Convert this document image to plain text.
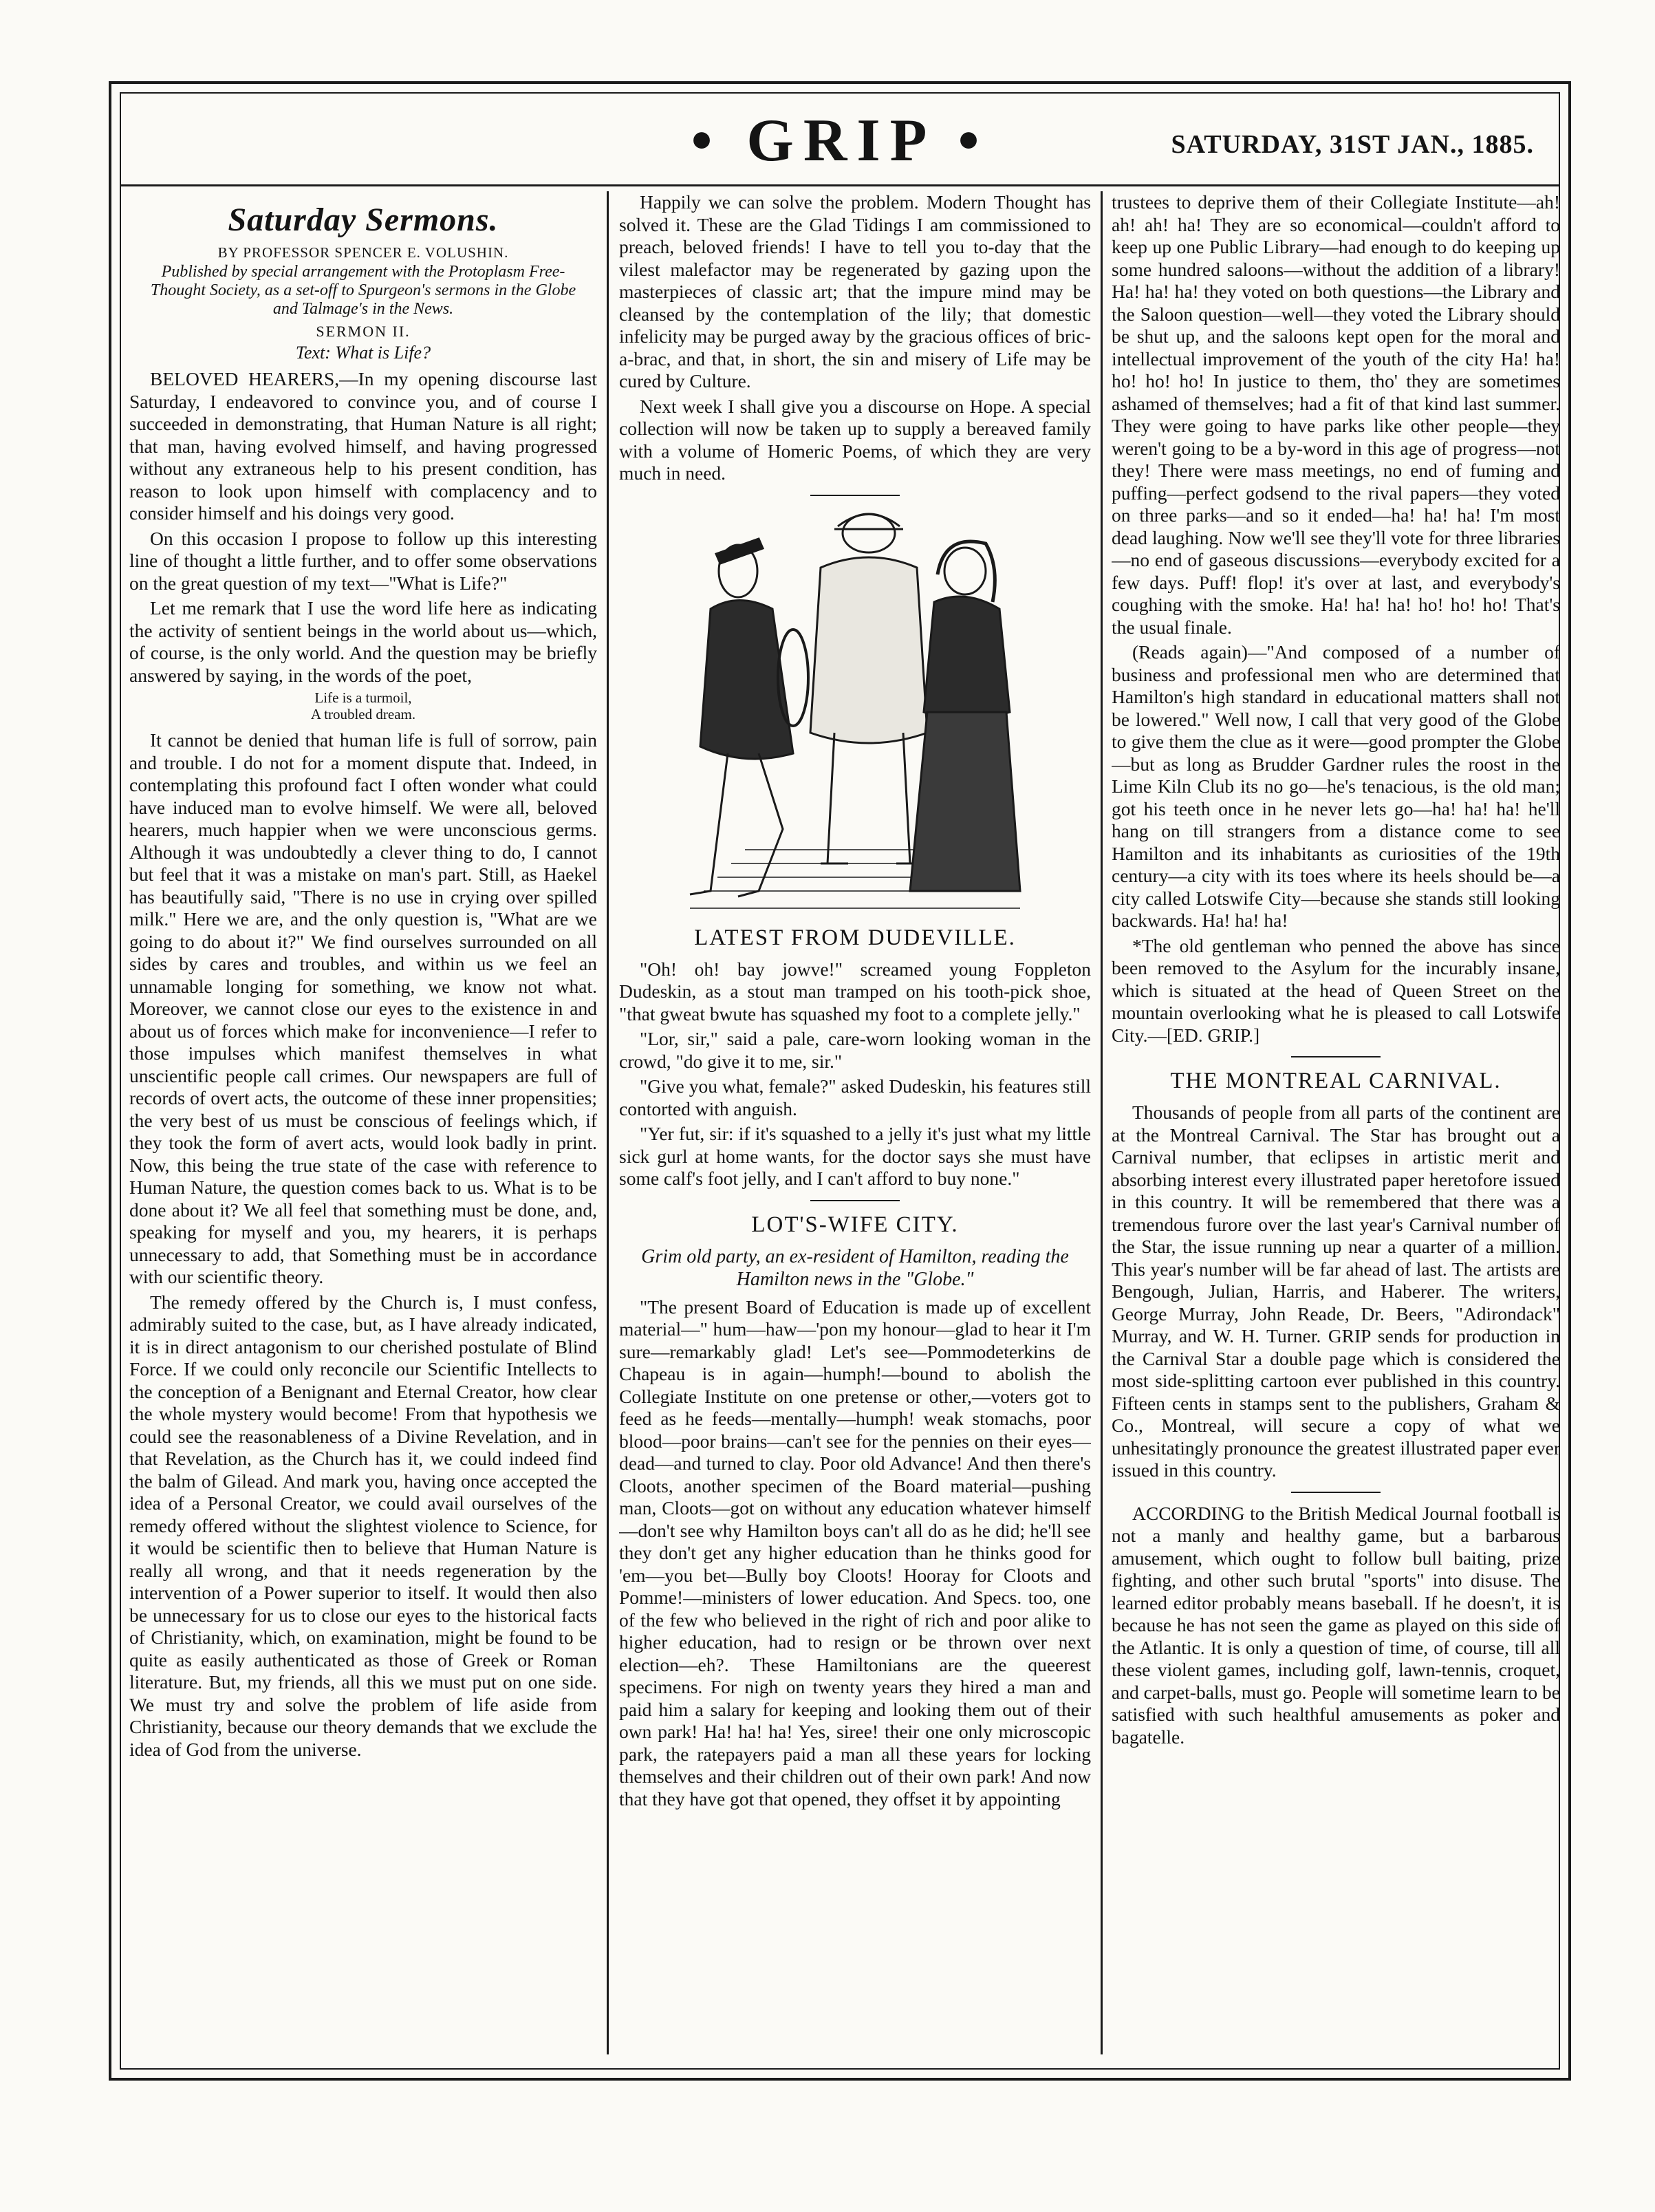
• GRIP •	SATURDAY, 31ST JAN., 1885.
Saturday Sermons.
BY PROFESSOR SPENCER E. VOLUSHIN.
Published by special arrangement with the Protoplasm Free-Thought Society, as a set-off to Spurgeon's sermons in the Globe and Talmage's in the News.
SERMON II.
Text: What is Life?

BELOVED HEARERS,—In my opening discourse last Saturday, I endeavored to convince you, and of course I succeeded in demonstrating, that Human Nature is all right; that man, having evolved himself, and having progressed without any extraneous help to his present condition, has reason to look upon himself with complacency and to consider himself and his doings very good.

On this occasion I propose to follow up this interesting line of thought a little further, and to offer some observations on the great question of my text—"What is Life?"

Let me remark that I use the word life here as indicating the activity of sentient beings in the world about us—which, of course, is the only world. And the question may be briefly answered by saying, in the words of the poet,

Life is a turmoil,
A troubled dream.

It cannot be denied that human life is full of sorrow, pain and trouble. I do not for a moment dispute that. Indeed, in contemplating this profound fact I often wonder what could have induced man to evolve himself. We were all, beloved hearers, much happier when we were unconscious germs. Although it was undoubtedly a clever thing to do, I cannot but feel that it was a mistake on man's part. Still, as Haekel has beautifully said, "There is no use in crying over spilled milk." Here we are, and the only question is, "What are we going to do about it?" We find ourselves surrounded on all sides by cares and troubles, and within us we feel an unnamable longing for something, we know not what. Moreover, we cannot close our eyes to the existence in and about us of forces which make for inconvenience—I refer to those impulses which manifest themselves in what unscientific people call crimes. Our newspapers are full of records of overt acts, the outcome of these inner propensities; the very best of us must be conscious of feelings which, if they took the form of avert acts, would look badly in print. Now, this being the true state of the case with reference to Human Nature, the question comes back to us. What is to be done about it? We all feel that something must be done, and, speaking for myself and you, my hearers, it is perhaps unnecessary to add, that Something must be in accordance with our scientific theory.

The remedy offered by the Church is, I must confess, admirably suited to the case, but, as I have already indicated, it is in direct antagonism to our cherished postulate of Blind Force. If we could only reconcile our Scientific Intellects to the conception of a Benignant and Eternal Creator, how clear the whole mystery would become! From that hypothesis we could see the reasonableness of a Divine Revelation, and in that Revelation, as the Church has it, we could indeed find the balm of Gilead. And mark you, having once accepted the idea of a Personal Creator, we could avail ourselves of the remedy offered without the slightest violence to Science, for it would be scientific then to believe that Human Nature is really all wrong, and that it needs regeneration by the intervention of a Power superior to itself. It would then also be unnecessary for us to close our eyes to the historical facts of Christianity, which, on examination, might be found to be quite as easily authenticated as those of Greek or Roman literature. But, my friends, all this we must put on one side. We must try and solve the problem of life aside from Christianity, because our theory demands that we exclude the idea of God from the universe.

Happily we can solve the problem. Modern Thought has solved it. These are the Glad Tidings I am commissioned to preach, beloved friends! I have to tell you to-day that the vilest malefactor may be regenerated by gazing upon the masterpieces of classic art; that the impure mind may be cleansed by the contemplation of the lily; that domestic infelicity may be purged away by the gracious offices of bric-a-brac, and that, in short, the sin and misery of Life may be cured by Culture.

Next week I shall give you a discourse on Hope. A special collection will now be taken up to supply a bereaved family with a volume of Homeric Poems, of which they are very much in need.

LATEST FROM DUDEVILLE.

"Oh! oh! bay jowve!" screamed young Foppleton Dudeskin, as a stout man tramped on his tooth-pick shoe, "that gweat bwute has squashed my foot to a complete jelly."

"Lor, sir," said a pale, care-worn looking woman in the crowd, "do give it to me, sir."

"Give you what, female?" asked Dudeskin, his features still contorted with anguish.

"Yer fut, sir: if it's squashed to a jelly it's just what my little sick gurl at home wants, for the doctor says she must have some calf's foot jelly, and I can't afford to buy none."

LOT'S-WIFE CITY.
Grim old party, an ex-resident of Hamilton, reading the Hamilton news in the "Globe."

"The present Board of Education is made up of excellent material—" hum—haw—'pon my honour—glad to hear it I'm sure—remarkably glad! Let's see—Pommodeterkins de Chapeau is in again—humph!—bound to abolish the Collegiate Institute on one pretense or other,—voters got to feed as he feeds—mentally—humph! weak stomachs, poor blood—poor brains—can't see for the pennies on their eyes—dead—and turned to clay. Poor old Advance! And then there's Cloots, another specimen of the Board material—pushing man, Cloots—got on without any education whatever himself—don't see why Hamilton boys can't all do as he did; he'll see they don't get any higher education than he thinks good for 'em—you bet—Bully boy Cloots! Hooray for Cloots and Pomme!—ministers of lower education. And Specs. too, one of the few who believed in the right of rich and poor alike to higher education, had to resign or be thrown over next election—eh?. These Hamiltonians are the queerest specimens. For nigh on twenty years they hired a man and paid him a salary for keeping and looking them out of their own park! Ha! ha! ha! Yes, siree! their one only microscopic park, the ratepayers paid a man all these years for locking themselves and their children out of their own park! And now that they have got that opened, they offset it by appointing

trustees to deprive them of their Collegiate Institute—ah! ah! ah! ha! They are so economical—couldn't afford to keep up one Public Library—had enough to do keeping up some hundred saloons—without the addition of a library! Ha! ha! ha! they voted on both questions—the Library and the Saloon question—well—they voted the Library should be shut up, and the saloons kept open for the moral and intellectual improvement of the youth of the city Ha! ha! ho! ho! ho! In justice to them, tho' they are sometimes ashamed of themselves; had a fit of that kind last summer. They were going to have parks like other people—they weren't going to be a by-word in this age of progress—not they! There were mass meetings, no end of fuming and puffing—perfect godsend to the rival papers—they voted on three parks—and so it ended—ha! ha! ha! I'm most dead laughing. Now we'll see they'll vote for three libraries—no end of gaseous discussions—everybody excited for a few days. Puff! flop! it's over at last, and everybody's coughing with the smoke. Ha! ha! ha! ho! ho! ho! That's the usual finale.

(Reads again)—"And composed of a number of business and professional men who are determined that Hamilton's high standard in educational matters shall not be lowered." Well now, I call that very good of the Globe to give them the clue as it were—good prompter the Globe—but as long as Brudder Gardner rules the roost in the Lime Kiln Club its no go—he's tenacious, is the old man; got his teeth once in he never lets go—ha! ha! ha! he'll hang on till strangers from a distance come to see Hamilton and its inhabitants as curiosities of the 19th century—a city with its toes where its heels should be—a city called Lotswife City—because she stands still looking backwards. Ha! ha! ha!

*The old gentleman who penned the above has since been removed to the Asylum for the incurably insane, which is situated at the head of Queen Street on the mountain overlooking what he is pleased to call Lotswife City.—[ED. GRIP.]

THE MONTREAL CARNIVAL.

Thousands of people from all parts of the continent are at the Montreal Carnival. The Star has brought out a Carnival number, that eclipses in artistic merit and absorbing interest every illustrated paper heretofore issued in this country. It will be remembered that there was a tremendous furore over the last year's Carnival number of the Star, the issue running up near a quarter of a million. This year's number will be far ahead of last. The artists are Bengough, Julian, Harris, and Haberer. The writers, George Murray, John Reade, Dr. Beers, "Adirondack" Murray, and W. H. Turner. GRIP sends for production in the Carnival Star a double page which is considered the most side-splitting cartoon ever published in this country. Fifteen cents in stamps sent to the publishers, Graham & Co., Montreal, will secure a copy of what we unhesitatingly pronounce the greatest illustrated paper ever issued in this country.

ACCORDING to the British Medical Journal football is not a manly and healthy game, but a barbarous amusement, which ought to follow bull baiting, prize fighting, and other such brutal "sports" into disuse. The learned editor probably means baseball. If he doesn't, it is because he has not seen the game as played on this side of the Atlantic. It is only a question of time, of course, till all these violent games, including golf, lawn-tennis, croquet, and carpet-balls, must go. People will sometime learn to be satisfied with such healthful amusements as poker and bagatelle.
